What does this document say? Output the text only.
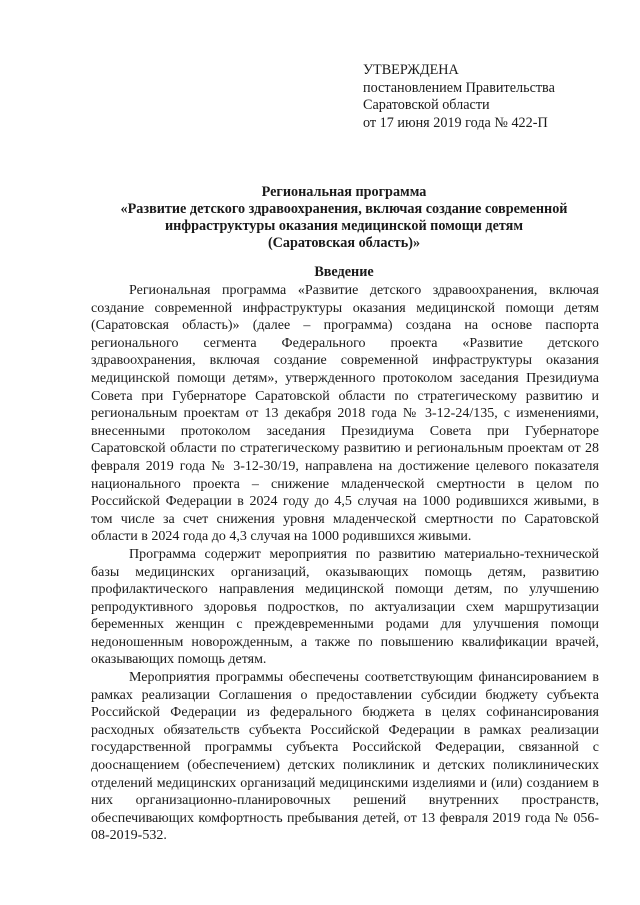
УТВЕРЖДЕНА
постановлением Правительства
Саратовской области
от 17 июня 2019 года № 422-П
Региональная программа
«Развитие детского здравоохранения, включая создание современной
инфраструктуры оказания медицинской помощи детям
(Саратовская область)»
Введение

Региональная программа «Развитие детского здравоохранения, включая создание современной инфраструктуры оказания медицинской помощи детям (Саратовская область)» (далее – программа) создана на основе паспорта регионального сегмента Федерального проекта «Развитие детского здравоохранения, включая создание современной инфраструктуры оказания медицинской помощи детям», утвержденного протоколом заседания Президиума Совета при Губернаторе Саратовской области по стратегическому развитию и региональным проектам от 13 декабря 2018 года № 3-12-24/135, с изменениями, внесенными протоколом заседания Президиума Совета при Губернаторе Саратовской области по стратегическому развитию и региональным проектам от 28 февраля 2019 года № 3-12-30/19, направлена на достижение целевого показателя национального проекта – снижение младенческой смертности в целом по Российской Федерации в 2024 году до 4,5 случая на 1000 родившихся живыми, в том числе за счет снижения уровня младенческой смертности по Саратовской области в 2024 года до 4,3 случая на 1000 родившихся живыми.

Программа содержит мероприятия по развитию материально-технической базы медицинских организаций, оказывающих помощь детям, развитию профилактического направления медицинской помощи детям, по улучшению репродуктивного здоровья подростков, по актуализации схем маршрутизации беременных женщин с преждевременными родами для улучшения помощи недоношенным новорожденным, а также по повышению квалификации врачей, оказывающих помощь детям.

Мероприятия программы обеспечены соответствующим финансированием в рамках реализации Соглашения о предоставлении субсидии бюджету субъекта Российской Федерации из федерального бюджета в целях софинансирования расходных обязательств субъекта Российской Федерации в рамках реализации государственной программы субъекта Российской Федерации, связанной с дооснащением (обеспечением) детских поликлиник и детских поликлинических отделений медицинских организаций медицинскими изделиями и (или) созданием в них организационно-планировочных решений внутренних пространств, обеспечивающих комфортность пребывания детей, от 13 февраля 2019 года № 056-08-2019-532.
